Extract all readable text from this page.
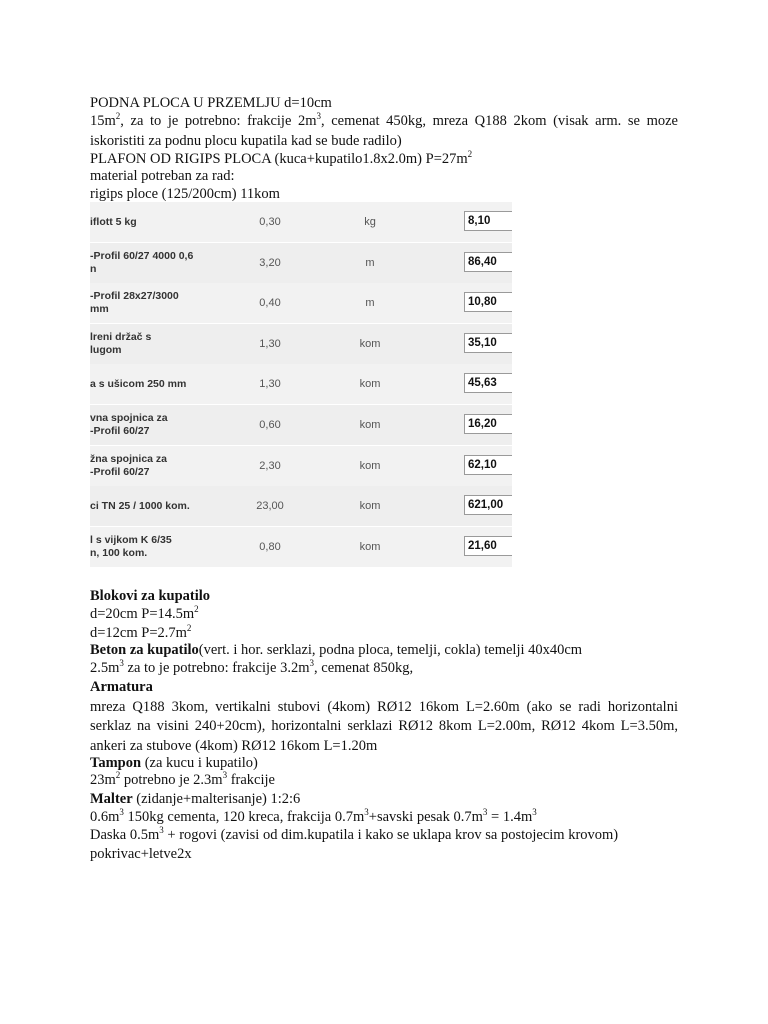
PODNA PLOCA U PRZEMLJU d=10cm
$15m^2$, za to je potrebno: frakcije $2m^3$, cemenat 450kg, mreza Q188 2kom (visak arm. se moze
iskoristiti za podnu plocu kupatila kad se bude radilo)
PLAFON OD RIGIPS PLOCA (kuca+kupatilo1.8x2.0m) $P=27m^2$
material potreban za rad:
rigips ploce (125/200cm) 11kom
iflott 5 kg	0,30	kg	8,10
-Profil 60/27 4000 0,6
n	3,20	m	86,40
-Profil 28x27/3000
mm	0,40	m	10,80
lreni držač s
lugom	1,30	kom	35,10
a s ušicom 250 mm	1,30	kom	45,63
vna spojnica za
-Profil 60/27	0,60	kom	16,20
žna spojnica za
-Profil 60/27	2,30	kom	62,10
ci TN 25 / 1000 kom.	23,00	kom	621,00
l s vijkom K 6/35
n, 100 kom.	0,80	kom	21,60
Blokovi za kupatilo
d=20cm $P=14.5m^2$
d=12cm $P=2.7m^2$
Beton za kupatilo(vert. i hor. serklazi, podna ploca, temelji, cokla) temelji 40x40cm
$2.5m^3$ za to je potrebno: frakcije $3.2m^3$, cemenat 850kg,
Armatura
mreza Q188 3kom, vertikalni stubovi (4kom) RØ12 16kom L=2.60m (ako se radi horizontalni
serklaz na visini 240+20cm), horizontalni serklazi RØ12 8kom L=2.00m, RØ12 4kom L=3.50m,
ankeri za stubove (4kom) RØ12 16kom L=1.20m
Tampon (za kucu i kupatilo)
$23m^2$ potrebno je $2.3m^3$ frakcije
Malter (zidanje+malterisanje) 1:2:6
$0.6m^3$ 150kg cementa, 120 kreca, frakcija $0.7m^3+savski$ pesak $0.7m^3 = 1.4m^3$
Daska $0.5m^3$ + rogovi (zavisi od dim.kupatila i kako se uklapa krov sa postojecim krovom)
pokrivac+letve2x
